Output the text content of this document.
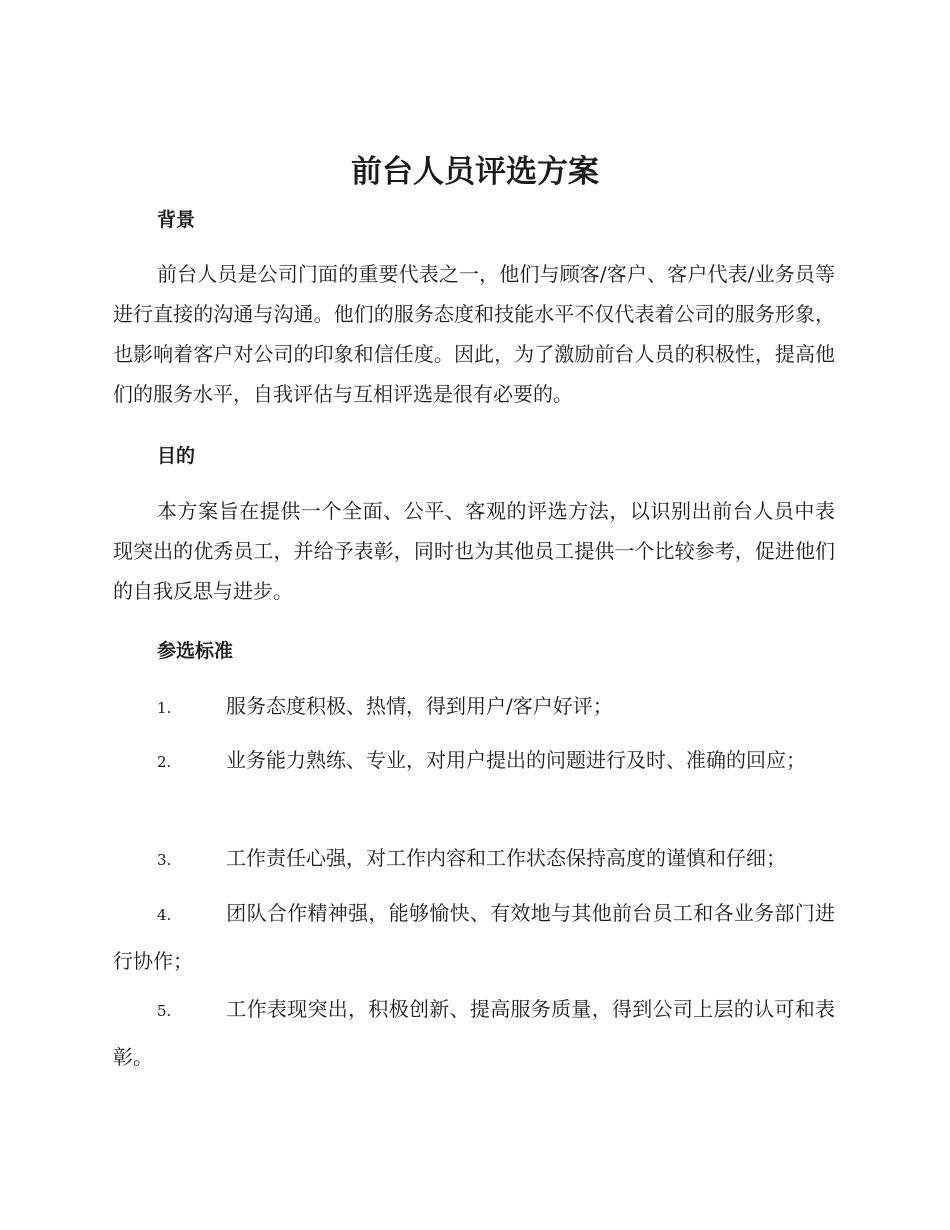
前台人员评选方案
背景

前台人员是公司门面的重要代表之一，他们与顾客/客户、客户代表/业务员等进行直接的沟通与沟通。他们的服务态度和技能水平不仅代表着公司的服务形象，也影响着客户对公司的印象和信任度。因此，为了激励前台人员的积极性，提高他们的服务水平，自我评估与互相评选是很有必要的。

目的

本方案旨在提供一个全面、公平、客观的评选方法，以识别出前台人员中表现突出的优秀员工，并给予表彰，同时也为其他员工提供一个比较参考，促进他们的自我反思与进步。

参选标准

1.	服务态度积极、热情，得到用户/客户好评；

2.	业务能力熟练、专业，对用户提出的问题进行及时、准确的回应；

3.	工作责任心强，对工作内容和工作状态保持高度的谨慎和仔细；

4.	团队合作精神强，能够愉快、有效地与其他前台员工和各业务部门进行协作；

5.	工作表现突出，积极创新、提高服务质量，得到公司上层的认可和表彰。
